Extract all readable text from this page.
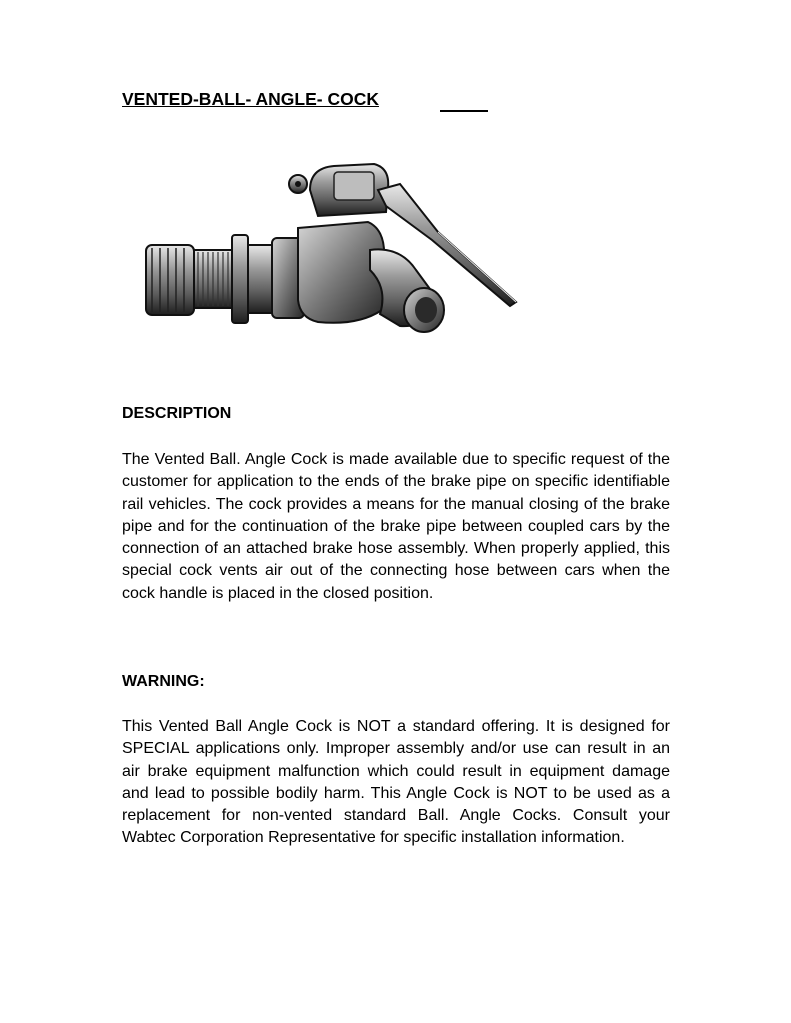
VENTED-BALL- ANGLE- COCK
DESCRIPTION
The Vented Ball. Angle Cock is made available due to specific request of the customer for application to the ends of the brake pipe on specific identifiable rail vehicles. The cock provides a means for the manual closing of the brake pipe and for the continuation of the brake pipe between coupled cars by the connection of an attached brake hose assembly. When properly applied, this special cock vents air out of the connecting hose between cars when the cock handle is placed in the closed position.
WARNING:
This Vented Ball Angle Cock is NOT a standard offering. It is designed for SPECIAL applications only. Improper assembly and/or use can result in an air brake equipment malfunction which could result in equipment damage and lead to possible bodily harm. This Angle Cock is NOT to be used as a replacement for non-vented standard Ball. Angle Cocks. Consult your Wabtec Corporation Representative for specific installation information.
